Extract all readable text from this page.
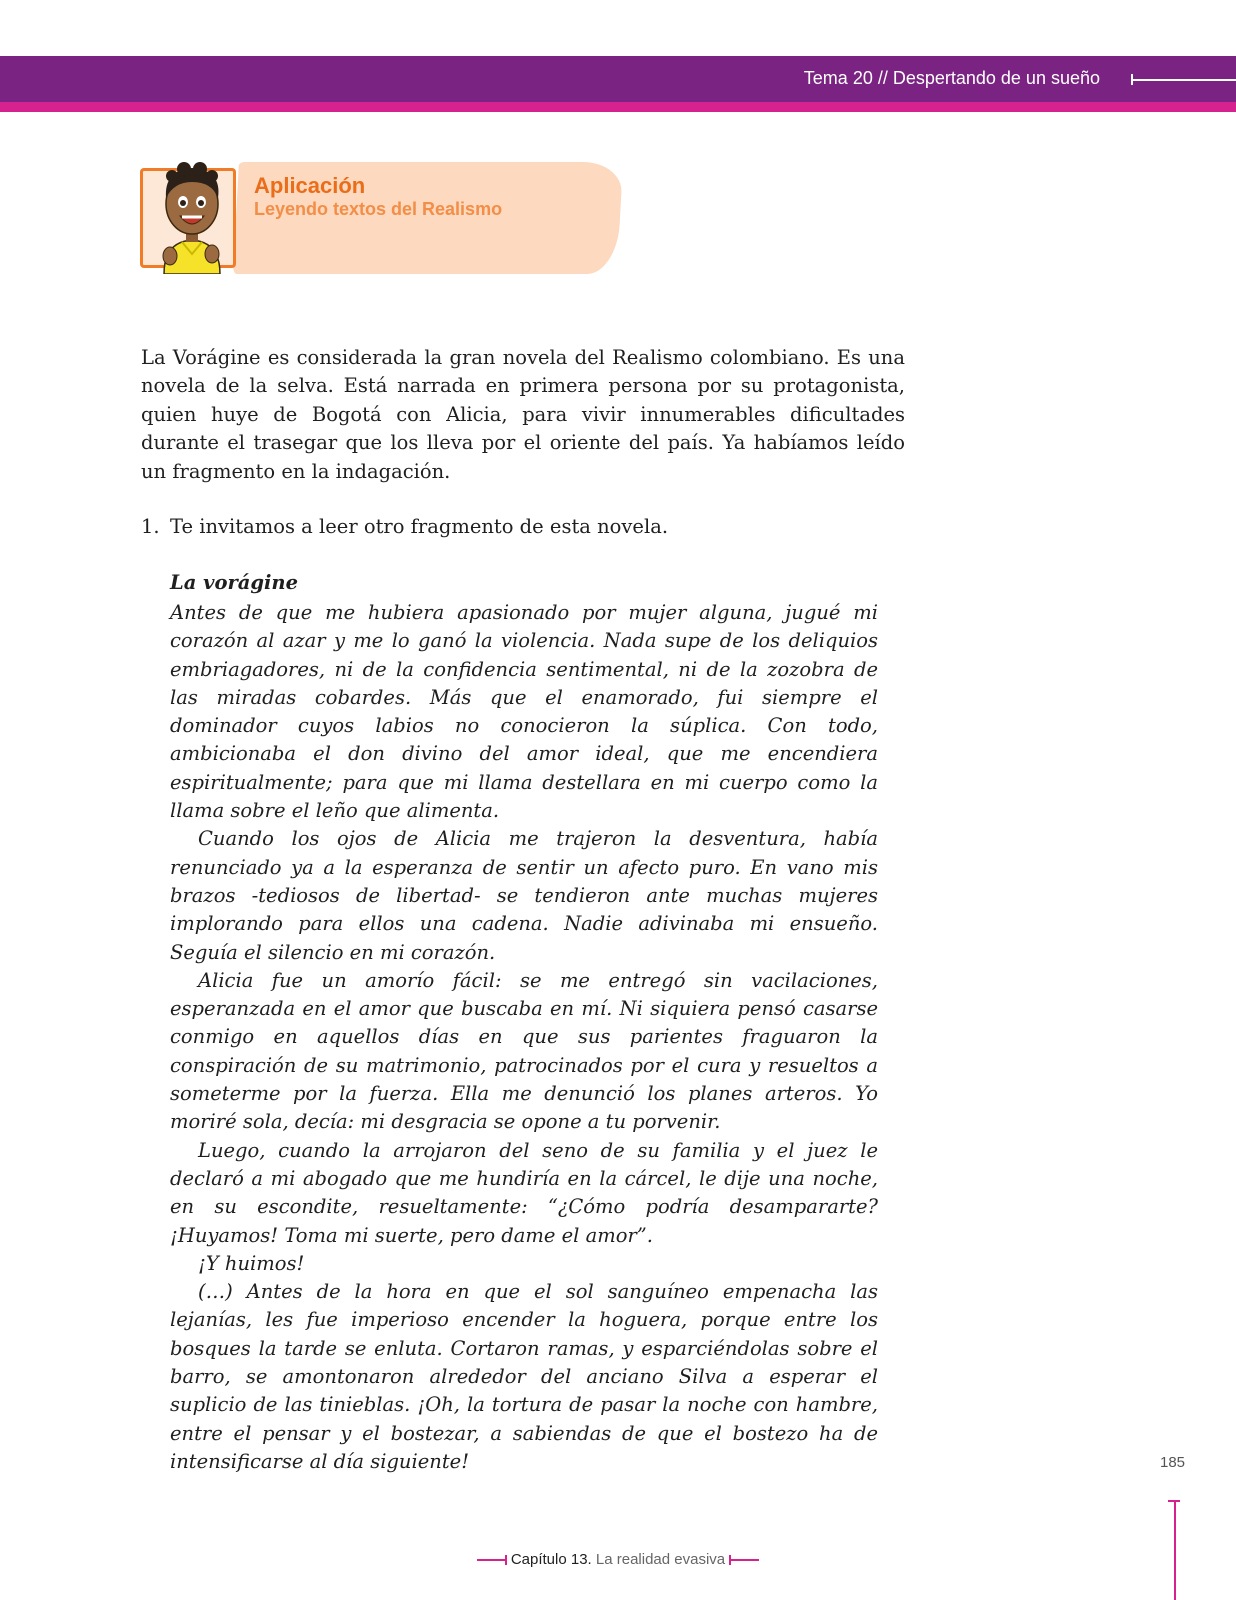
Tema 20 // Despertando de un sueño
Aplicación
Leyendo textos del Realismo

La Vorágine es considerada la gran novela del Realismo colombiano. Es una novela de la selva. Está narrada en primera persona por su protagonista, quien huye de Bogotá con Alicia, para vivir innumerables dificultades durante el trasegar que los lleva por el oriente del país. Ya habíamos leído un fragmento en la indagación.

1. Te invitamos a leer otro fragmento de esta novela.
La vorágine

Antes de que me hubiera apasionado por mujer alguna, jugué mi corazón al azar y me lo ganó la violencia. Nada supe de los deliquios embriagadores, ni de la confidencia sentimental, ni de la zozobra de las miradas cobardes. Más que el enamorado, fui siempre el dominador cuyos labios no conocieron la súplica. Con todo, ambicionaba el don divino del amor ideal, que me encendiera espiritualmente; para que mi llama destellara en mi cuerpo como la llama sobre el leño que alimenta.

Cuando los ojos de Alicia me trajeron la desventura, había renunciado ya a la esperanza de sentir un afecto puro. En vano mis brazos -tediosos de libertad- se tendieron ante muchas mujeres implorando para ellos una cadena. Nadie adivinaba mi ensueño. Seguía el silencio en mi corazón.

Alicia fue un amorío fácil: se me entregó sin vacilaciones, esperanzada en el amor que buscaba en mí. Ni siquiera pensó casarse conmigo en aquellos días en que sus parientes fraguaron la conspiración de su matrimonio, patrocinados por el cura y resueltos a someterme por la fuerza. Ella me denunció los planes arteros. Yo moriré sola, decía: mi desgracia se opone a tu porvenir.

Luego, cuando la arrojaron del seno de su familia y el juez le declaró a mi abogado que me hundiría en la cárcel, le dije una noche, en su escondite, resueltamente: “¿Cómo podría desampararte? ¡Huyamos! Toma mi suerte, pero dame el amor”.

¡Y huimos!

(…) Antes de la hora en que el sol sanguíneo empenacha las lejanías, les fue imperioso encender la hoguera, porque entre los bosques la tarde se enluta. Cortaron ramas, y esparciéndolas sobre el barro, se amontonaron alrededor del anciano Silva a esperar el suplicio de las tinieblas. ¡Oh, la tortura de pasar la noche con hambre, entre el pensar y el bostezar, a sabiendas de que el bostezo ha de intensificarse al día siguiente!	185
Capítulo 13. La realidad evasiva
